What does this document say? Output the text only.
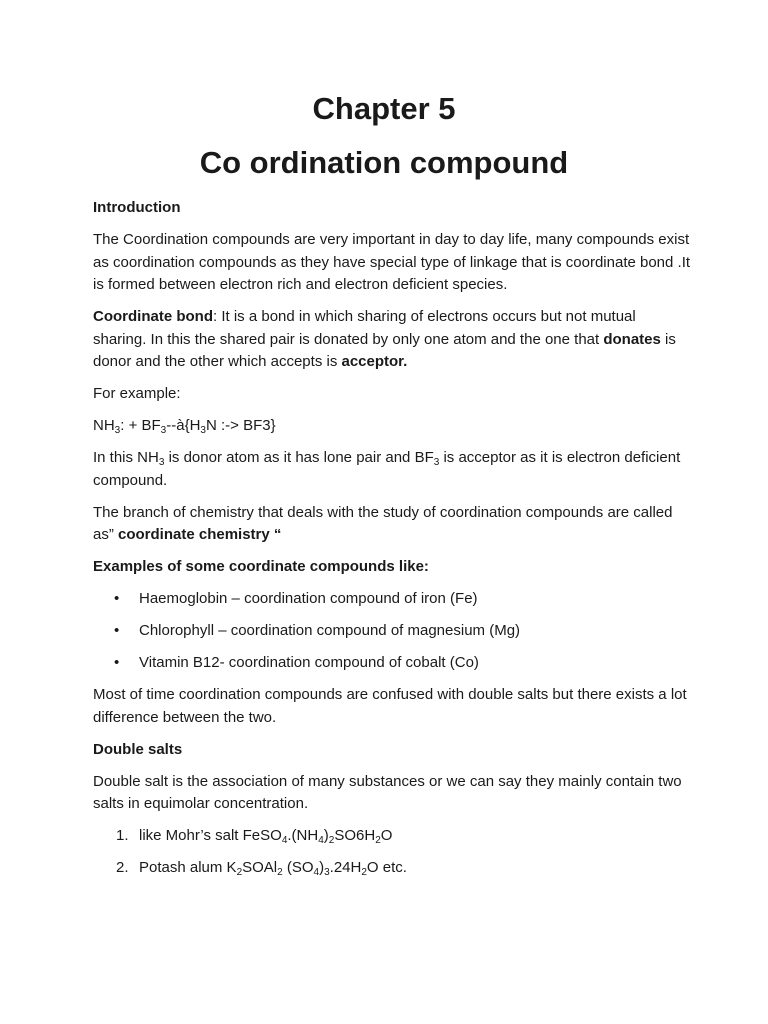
Chapter 5
Co ordination compound

Introduction

The Coordination compounds are very important in day to day life, many compounds exist as coordination compounds as they have special type of linkage that is coordinate bond .It is formed between electron rich and electron deficient species.

Coordinate bond: It is a bond in which sharing of electrons occurs but not mutual sharing. In this the shared pair is donated by only one atom and the one that donates is donor and the other which accepts is acceptor.

For example:

$NH_3$: + $BF_3--à\{H_3N$ :-> BF3}

In this $NH_3$ is donor atom as it has lone pair and $BF_3$ is acceptor as it is electron deficient compound.

The branch of chemistry that deals with the study of coordination compounds are called as” coordinate chemistry “

Examples of some coordinate compounds like:

• Haemoglobin – coordination compound of iron (Fe)
• Chlorophyll – coordination compound of magnesium (Mg)
• Vitamin B12- coordination compound of cobalt (Co)

Most of time coordination compounds are confused with double salts but there exists a lot difference between the two.

Double salts

Double salt is the association of many substances or we can say they mainly contain two salts in equimolar concentration.

1. like Mohr’s salt $FeSO_4.(NH_4)_2SO6H_2O$
2. Potash alum $K_2SOAl_2$ $(SO_4)_3.24H_2O$ etc.
